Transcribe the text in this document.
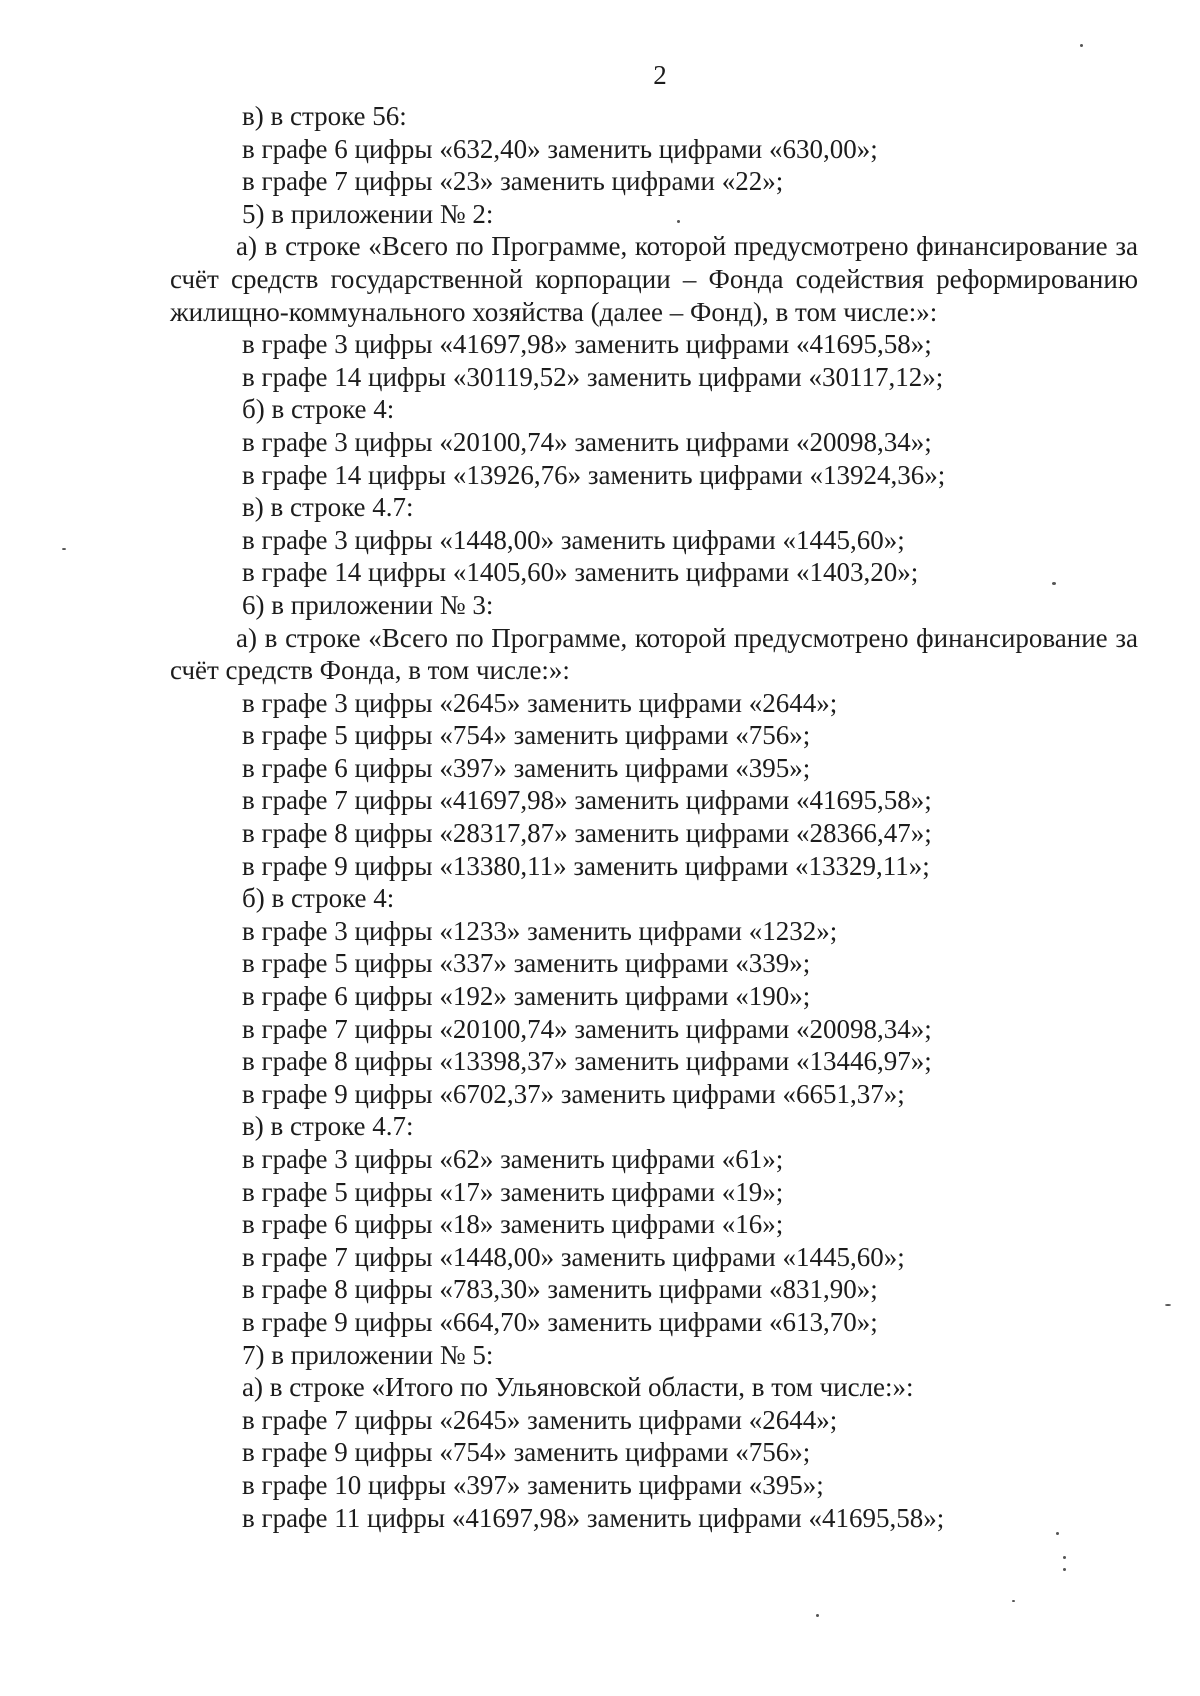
2
в) в строке 56:
в графе 6 цифры «632,40» заменить цифрами «630,00»;
в графе 7 цифры «23» заменить цифрами «22»;
5) в приложении № 2:
а) в строке «Всего по Программе, которой предусмотрено финансирование за счёт средств государственной корпорации – Фонда содействия реформированию жилищно-коммунального хозяйства (далее – Фонд), в том числе:»:
в графе 3 цифры «41697,98» заменить цифрами «41695,58»;
в графе 14 цифры «30119,52» заменить цифрами «30117,12»;
б) в строке 4:
в графе 3 цифры «20100,74» заменить цифрами «20098,34»;
в графе 14 цифры «13926,76» заменить цифрами «13924,36»;
в) в строке 4.7:
в графе 3 цифры «1448,00» заменить цифрами «1445,60»;
в графе 14 цифры «1405,60» заменить цифрами «1403,20»;
6) в приложении № 3:
а) в строке «Всего по Программе, которой предусмотрено финансирование за счёт средств Фонда, в том числе:»:
в графе 3 цифры «2645» заменить цифрами «2644»;
в графе 5 цифры «754» заменить цифрами «756»;
в графе 6 цифры «397» заменить цифрами «395»;
в графе 7 цифры «41697,98» заменить цифрами «41695,58»;
в графе 8 цифры «28317,87» заменить цифрами «28366,47»;
в графе 9 цифры «13380,11» заменить цифрами «13329,11»;
б) в строке 4:
в графе 3 цифры «1233» заменить цифрами «1232»;
в графе 5 цифры «337» заменить цифрами «339»;
в графе 6 цифры «192» заменить цифрами «190»;
в графе 7 цифры «20100,74» заменить цифрами «20098,34»;
в графе 8 цифры «13398,37» заменить цифрами «13446,97»;
в графе 9 цифры «6702,37» заменить цифрами «6651,37»;
в) в строке 4.7:
в графе 3 цифры «62» заменить цифрами «61»;
в графе 5 цифры «17» заменить цифрами «19»;
в графе 6 цифры «18» заменить цифрами «16»;
в графе 7 цифры «1448,00» заменить цифрами «1445,60»;
в графе 8 цифры «783,30» заменить цифрами «831,90»;
в графе 9 цифры «664,70» заменить цифрами «613,70»;
7) в приложении № 5:
а) в строке «Итого по Ульяновской области, в том числе:»:
в графе 7 цифры «2645» заменить цифрами «2644»;
в графе 9 цифры «754» заменить цифрами «756»;
в графе 10 цифры «397» заменить цифрами «395»;
в графе 11 цифры «41697,98» заменить цифрами «41695,58»;
